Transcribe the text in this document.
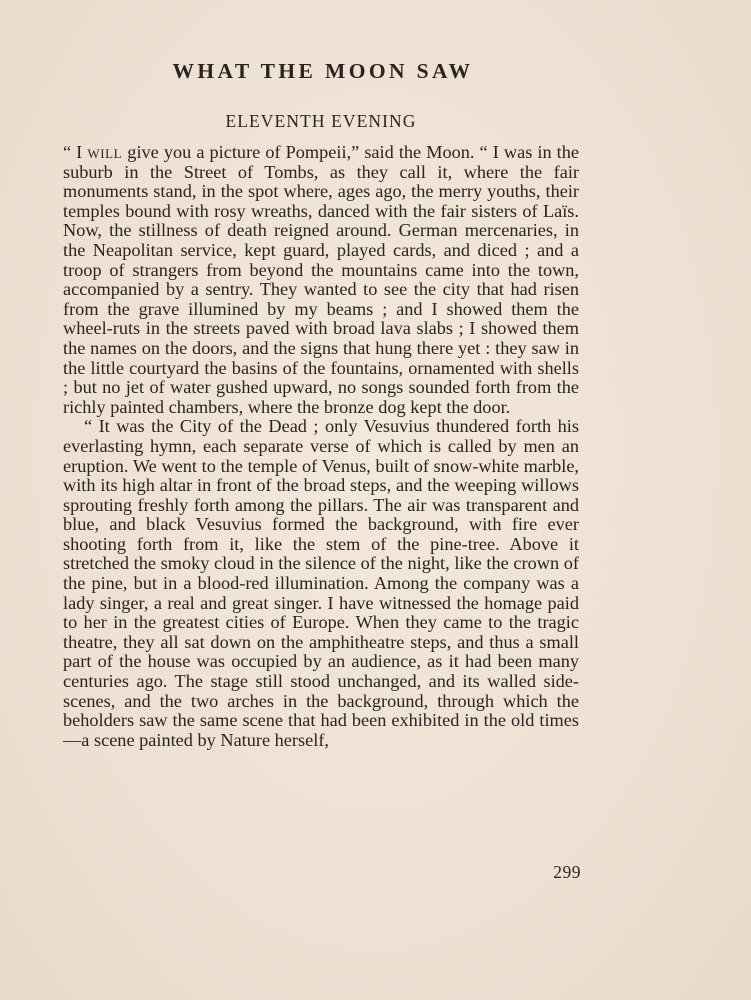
WHAT THE MOON SAW
ELEVENTH EVENING

“ I will give you a picture of Pompeii,” said the Moon. “ I was in the suburb in the Street of Tombs, as they call it, where the fair monuments stand, in the spot where, ages ago, the merry youths, their temples bound with rosy wreaths, danced with the fair sisters of Laïs. Now, the stillness of death reigned around. German mercenaries, in the Neapolitan service, kept guard, played cards, and diced ; and a troop of strangers from beyond the mountains came into the town, accompanied by a sentry. They wanted to see the city that had risen from the grave illumined by my beams ; and I showed them the wheel-ruts in the streets paved with broad lava slabs ; I showed them the names on the doors, and the signs that hung there yet : they saw in the little courtyard the basins of the fountains, ornamented with shells ; but no jet of water gushed upward, no songs sounded forth from the richly painted chambers, where the bronze dog kept the door.

“ It was the City of the Dead ; only Vesuvius thundered forth his everlasting hymn, each separate verse of which is called by men an eruption. We went to the temple of Venus, built of snow-white marble, with its high altar in front of the broad steps, and the weeping willows sprouting freshly forth among the pillars. The air was transparent and blue, and black Vesuvius formed the background, with fire ever shooting forth from it, like the stem of the pine-tree. Above it stretched the smoky cloud in the silence of the night, like the crown of the pine, but in a blood-red illumination. Among the company was a lady singer, a real and great singer. I have witnessed the homage paid to her in the greatest cities of Europe. When they came to the tragic theatre, they all sat down on the amphitheatre steps, and thus a small part of the house was occupied by an audience, as it had been many centuries ago. The stage still stood unchanged, and its walled side-scenes, and the two arches in the background, through which the beholders saw the same scene that had been exhibited in the old times—a scene painted by Nature herself,

299
